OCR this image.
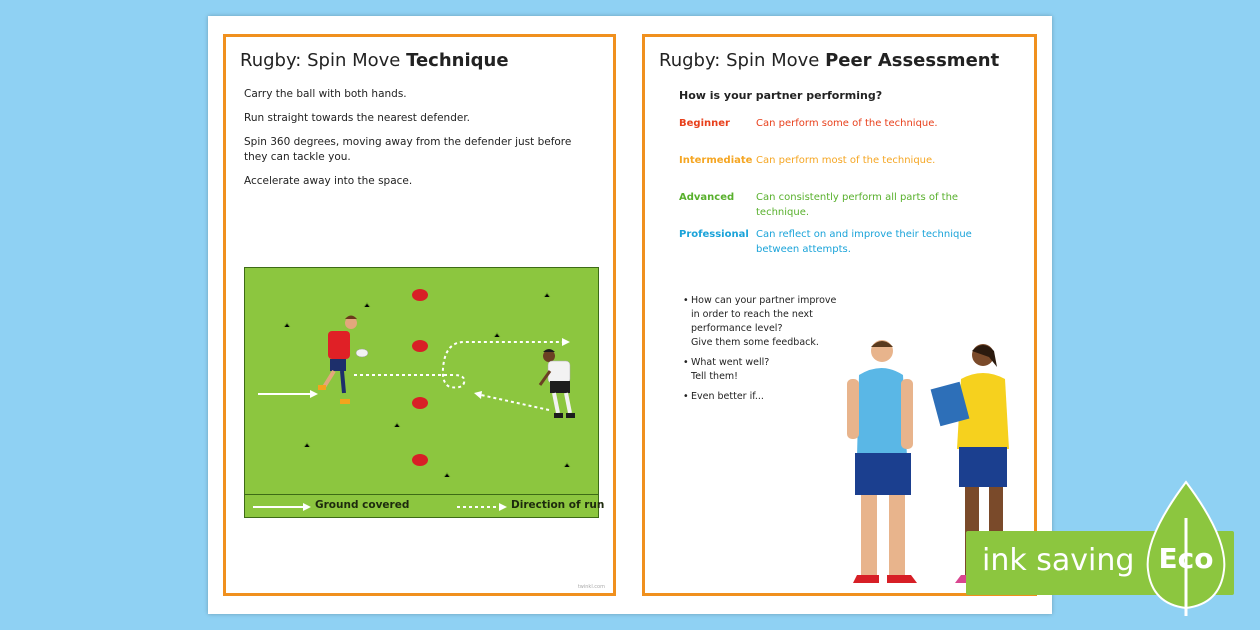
Rugby: Spin Move Technique

Carry the ball with both hands.

Run straight towards the nearest defender.

Spin 360 degrees, moving away from the defender just before they can tackle you.

Accelerate away into the space.

Ground covered	Direction of run
twinkl.com
Rugby: Spin Move Peer Assessment

How is your partner performing?

Beginner	Can perform some of the technique.
Intermediate Can perform most of the technique.
Advanced Can consistently perform all parts of the technique.
Professional Can reflect on and improve their technique between attempts.
• How can your partner improve
in order to reach the next
performance level?
Give them some feedback.
• What went well?
Tell them!
• Even better if...
ink saving Eco
